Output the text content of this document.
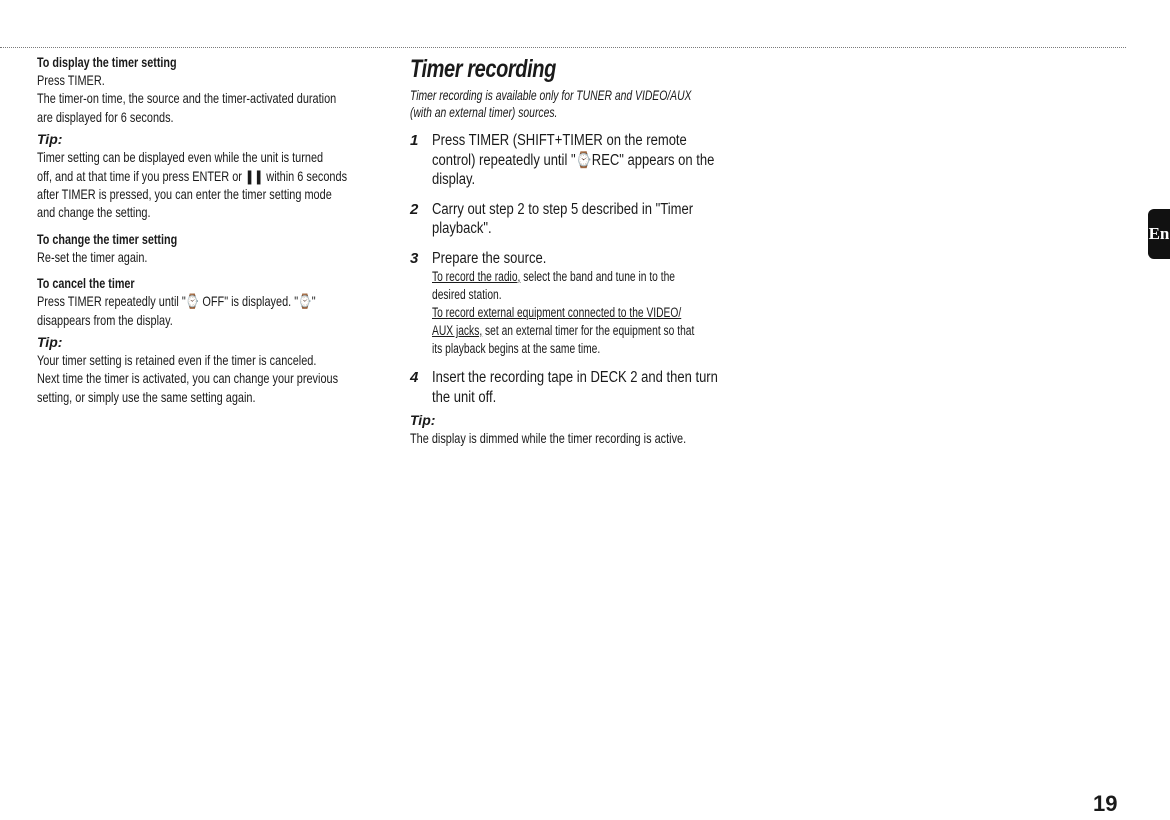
To display the timer setting

Press TIMER.

The timer-on time, the source and the timer-activated duration

are displayed for 6 seconds.

Tip:

Timer setting can be displayed even while the unit is turned

off, and at that time if you press ENTER or ❚❚ within 6 seconds

after TIMER is pressed, you can enter the timer setting mode

and change the setting.

To change the timer setting

Re-set the timer again.

To cancel the timer

Press TIMER repeatedly until "⌚ OFF" is displayed. "⌚"

disappears from the display.

Tip:

Your timer setting is retained even if the timer is canceled.

Next time the timer is activated, you can change your previous

setting, or simply use the same setting again.

Timer recording

Timer recording is available only for TUNER and VIDEO/AUX

(with an external timer) sources.

1 Press TIMER (SHIFT+TIMER on the remote

control) repeatedly until "⌚REC" appears on the

display.

2 Carry out step 2 to step 5 described in "Timer

playback".

3 Prepare the source.

To record the radio, select the band and tune in to the

desired station.

To record external equipment connected to the VIDEO/

AUX jacks, set an external timer for the equipment so that

its playback begins at the same time.

4 Insert the recording tape in DECK 2 and then turn

the unit off.

Tip:

The display is dimmed while the timer recording is active.

En
19
